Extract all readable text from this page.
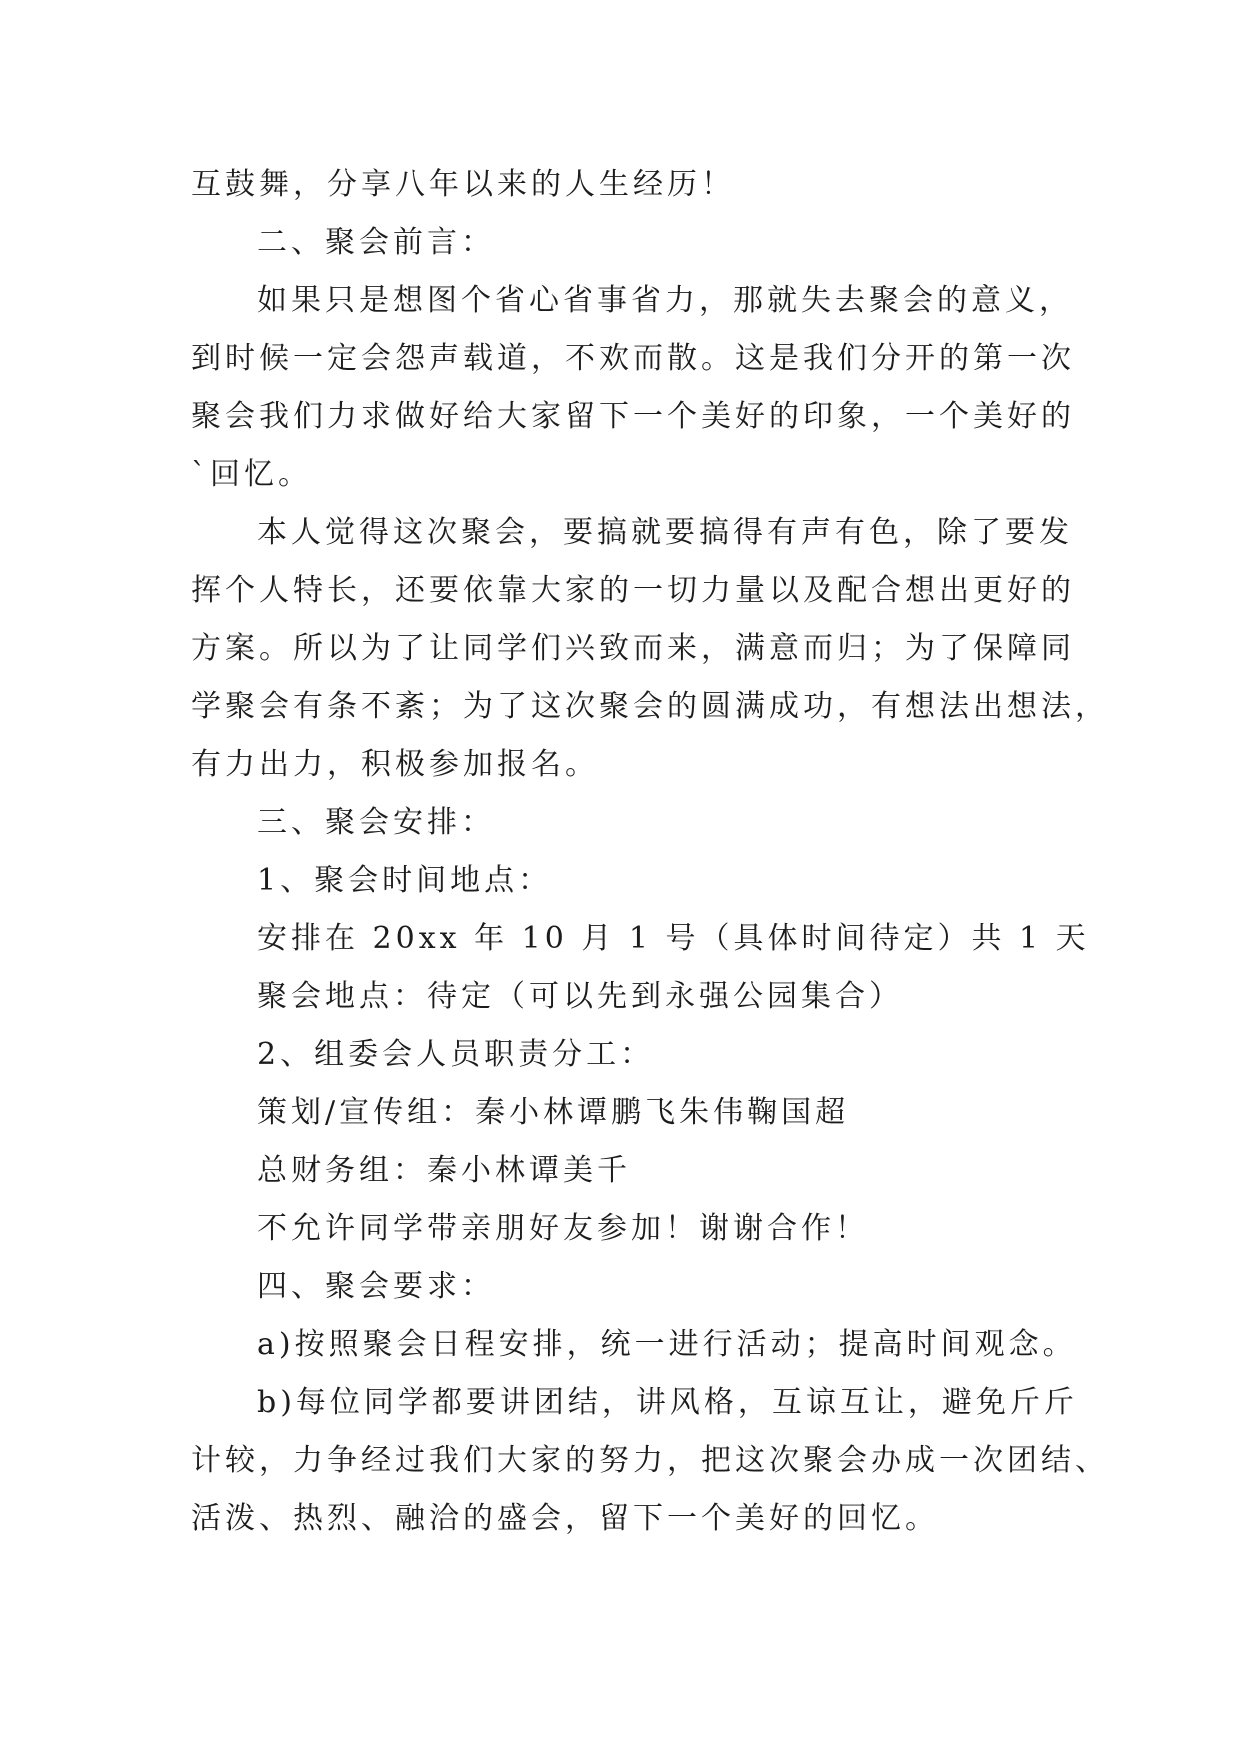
互鼓舞，分享八年以来的人生经历！
二、聚会前言：
如果只是想图个省心省事省力，那就失去聚会的意义，
到时候一定会怨声载道，不欢而散。这是我们分开的第一次
聚会我们力求做好给大家留下一个美好的印象，一个美好的
`回忆。
本人觉得这次聚会，要搞就要搞得有声有色，除了要发
挥个人特长，还要依靠大家的一切力量以及配合想出更好的
方案。所以为了让同学们兴致而来，满意而归；为了保障同
学聚会有条不紊；为了这次聚会的圆满成功，有想法出想法，
有力出力，积极参加报名。
三、聚会安排：
1、聚会时间地点：
安排在 20xx 年 10 月 1 号（具体时间待定）共 1 天
聚会地点：待定（可以先到永强公园集合）
2、组委会人员职责分工：
策划/宣传组：秦小林谭鹏飞朱伟鞠国超
总财务组：秦小林谭美千
不允许同学带亲朋好友参加！谢谢合作！
四、聚会要求：
a)按照聚会日程安排，统一进行活动；提高时间观念。
b)每位同学都要讲团结，讲风格，互谅互让，避免斤斤
计较，力争经过我们大家的努力，把这次聚会办成一次团结、
活泼、热烈、融洽的盛会，留下一个美好的回忆。
